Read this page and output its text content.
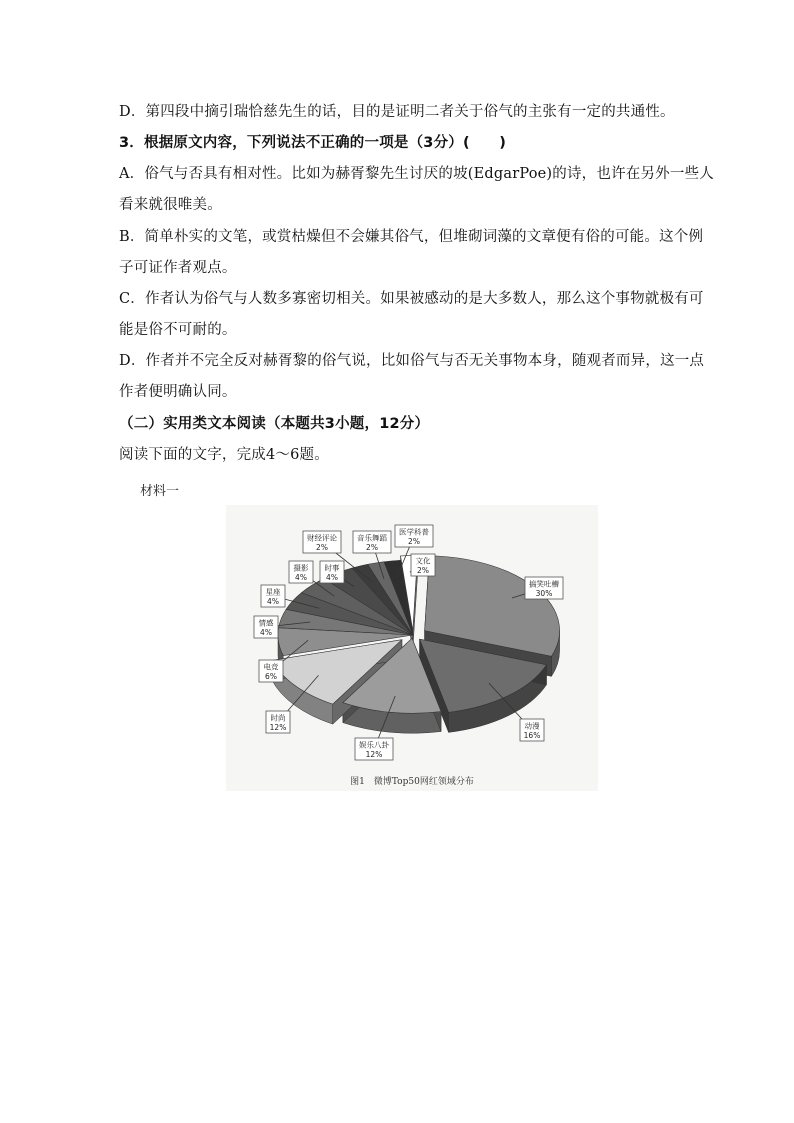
D．第四段中摘引瑞恰慈先生的话，目的是证明二者关于俗气的主张有一定的共通性。
3．根据原文内容，下列说法不正确的一项是（3分）(　　)
A．俗气与否具有相对性。比如为赫胥黎先生讨厌的坡(EdgarPoe)的诗，也许在另外一些人
看来就很唯美。
B．简单朴实的文笔，或赏枯燥但不会嫌其俗气，但堆砌词藻的文章便有俗的可能。这个例
子可证作者观点。
C．作者认为俗气与人数多寡密切相关。如果被感动的是大多数人，那么这个事物就极有可
能是俗不可耐的。
D．作者并不完全反对赫胥黎的俗气说，比如俗气与否无关事物本身，随观者而异，这一点
作者便明确认同。
（二）实用类文本阅读（本题共3小题，12分）
阅读下面的文字，完成4～6题。
材料一
搞笑吐槽
30%
动漫
16%
娱乐八卦
12%
时尚
12%
电竞
6%
情感
4%
星座
4%
摄影
4%
时事
4%
财经评论
2%
音乐舞蹈
2%
医学科普
2%
文化
2%
图1　微博Top50网红领域分布
